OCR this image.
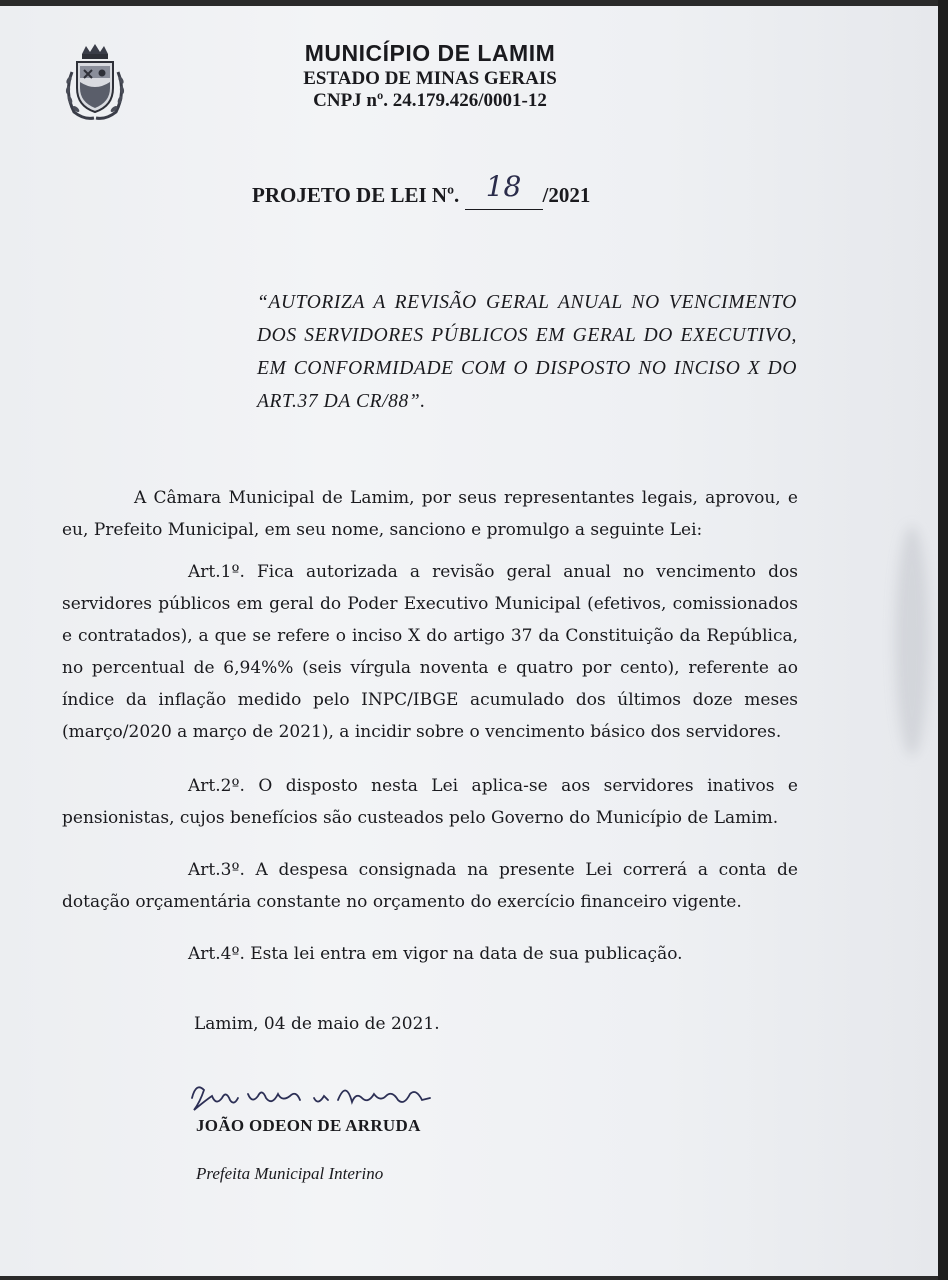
MUNICÍPIO DE LAMIM
ESTADO DE MINAS GERAIS
CNPJ nº. 24.179.426/0001-12
PROJETO DE LEI Nº. 18 /2021
“AUTORIZA A REVISÃO GERAL ANUAL NO VENCIMENTO DOS SERVIDORES PÚBLICOS EM GERAL DO EXECUTIVO, EM CONFORMIDADE COM O DISPOSTO NO INCISO X DO ART.37 DA CR/88”.

A Câmara Municipal de Lamim, por seus representantes legais, aprovou, e eu, Prefeito Municipal, em seu nome, sanciono e promulgo a seguinte Lei:

Art.1º. Fica autorizada a revisão geral anual no vencimento dos servidores públicos em geral do Poder Executivo Municipal (efetivos, comissionados e contratados), a que se refere o inciso X do artigo 37 da Constituição da República, no percentual de 6,94%% (seis vírgula noventa e quatro por cento), referente ao índice da inflação medido pelo INPC/IBGE acumulado dos últimos doze meses (março/2020 a março de 2021), a incidir sobre o vencimento básico dos servidores.

Art.2º. O disposto nesta Lei aplica-se aos servidores inativos e pensionistas, cujos benefícios são custeados pelo Governo do Município de Lamim.

Art.3º. A despesa consignada na presente Lei correrá a conta de dotação orçamentária constante no orçamento do exercício financeiro vigente.

Art.4º. Esta lei entra em vigor na data de sua publicação.

Lamim, 04 de maio de 2021.
JOÃO ODEON DE ARRUDA
Prefeita Municipal Interino
